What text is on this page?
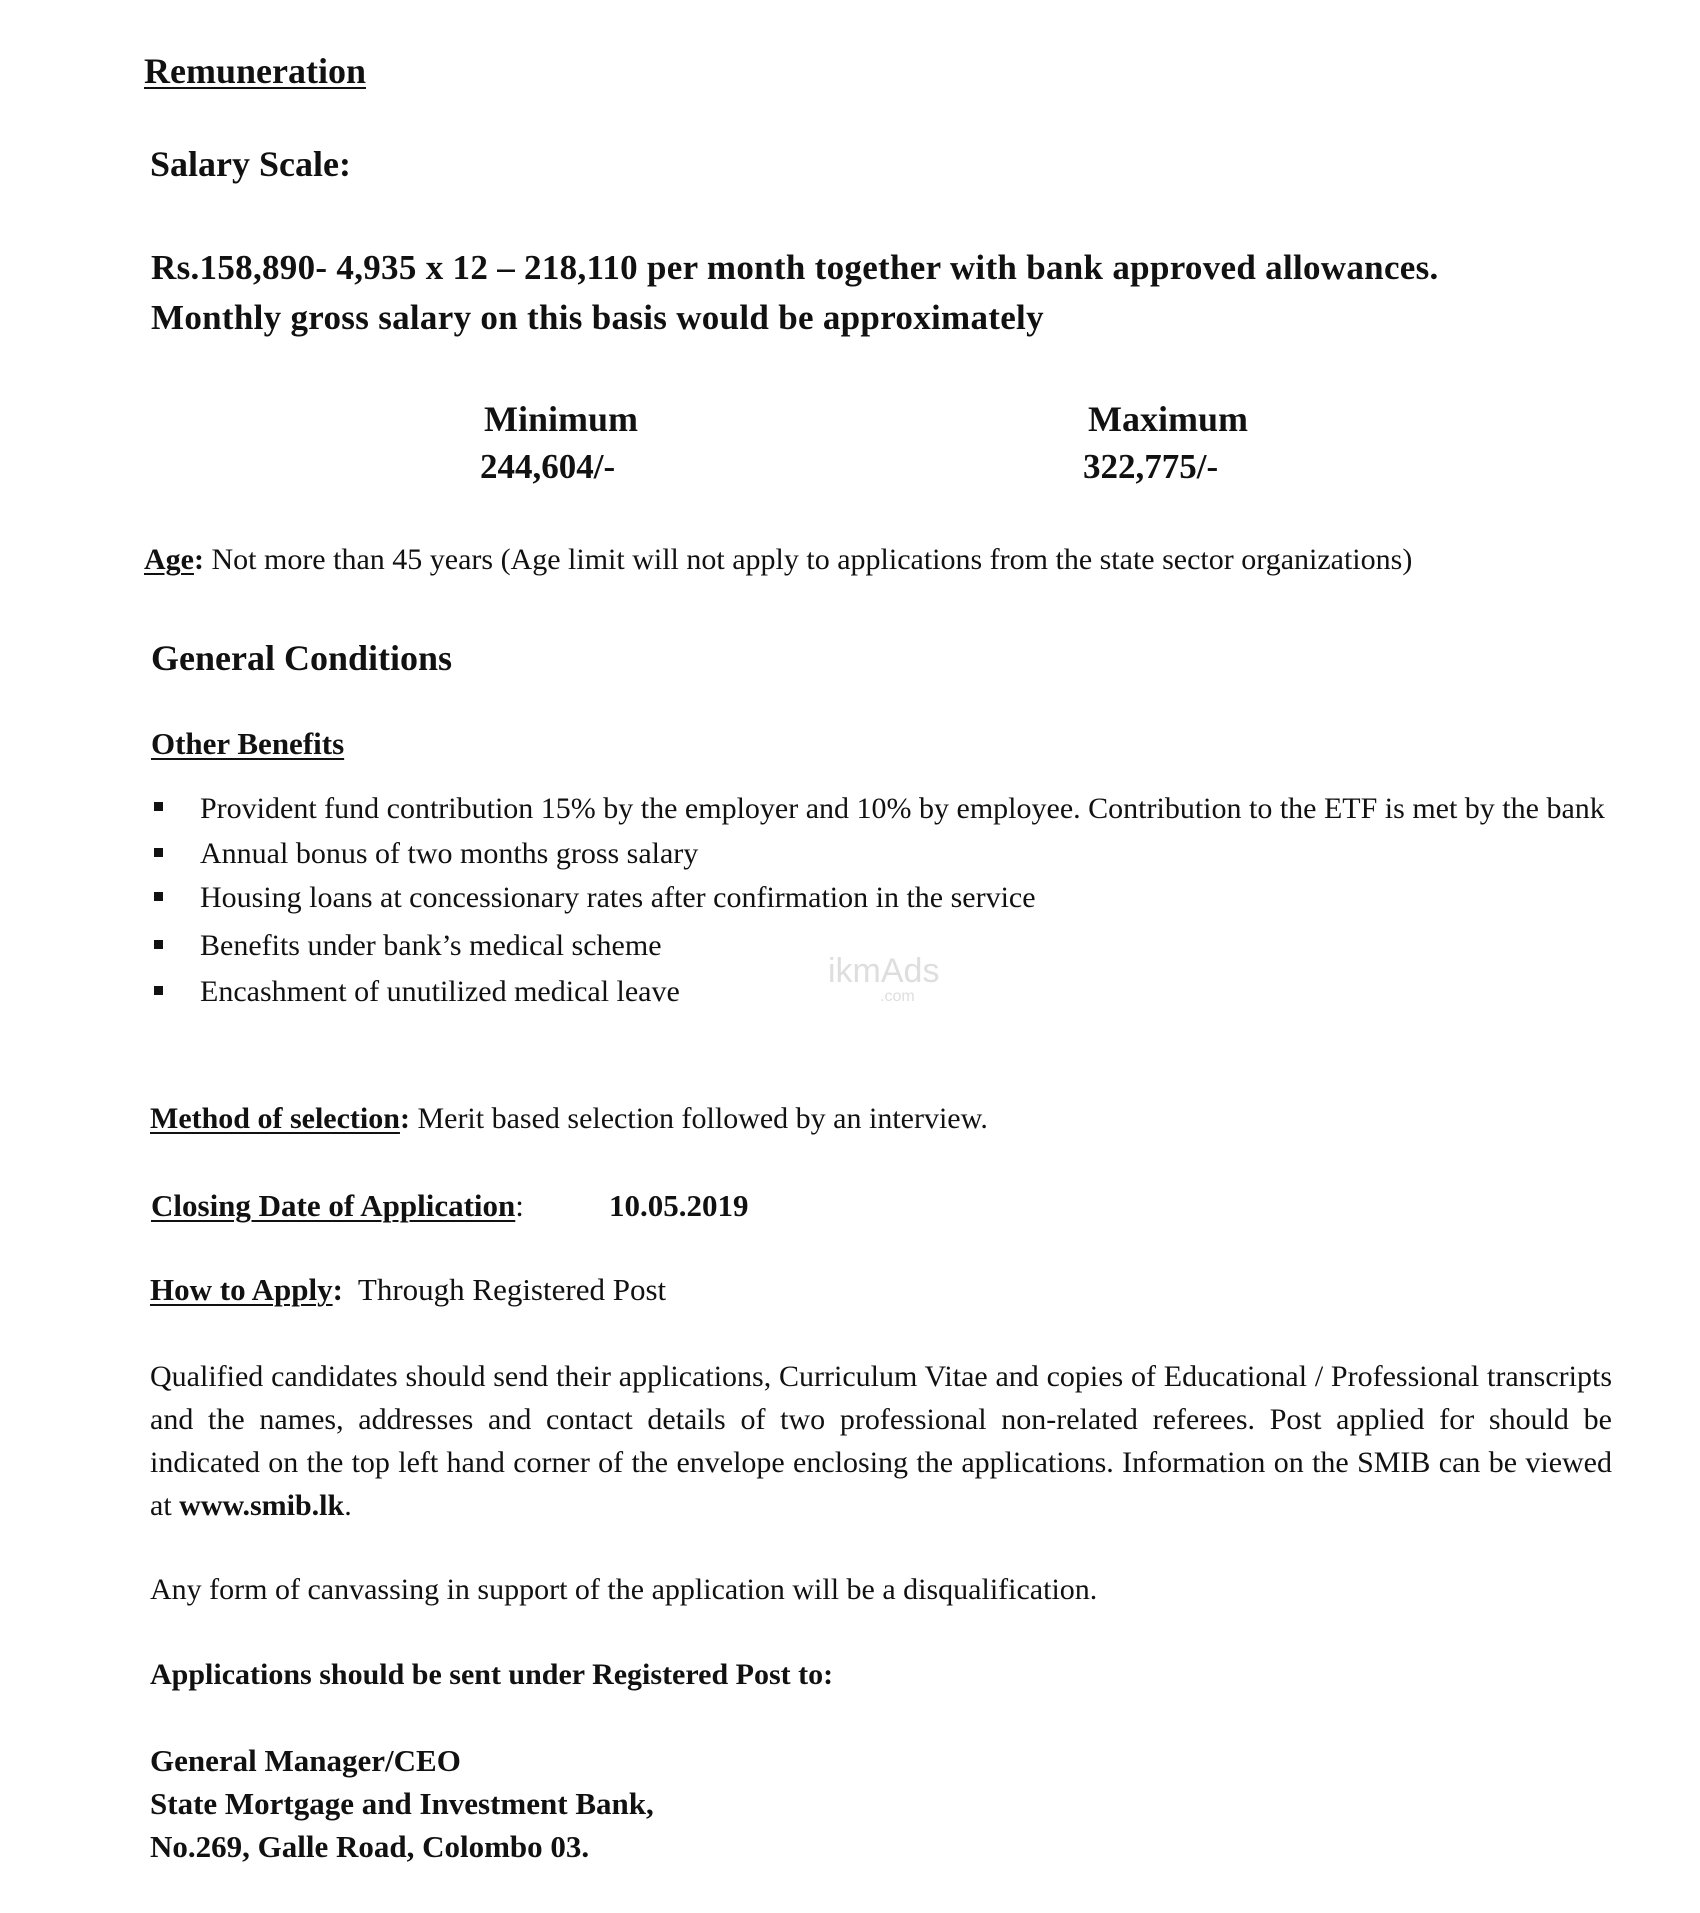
Remuneration
Salary Scale:
Rs.158,890- 4,935 x 12 – 218,110 per month together with bank approved allowances.
Monthly gross salary on this basis would be approximately
Minimum	Maximum
244,604/-	322,775/-
Age: Not more than 45 years (Age limit will not apply to applications from the state sector organizations)
General Conditions
Other Benefits
Provident fund contribution 15% by the employer and 10% by employee. Contribution to the ETF is met by the bank
Annual bonus of two months gross salary
Housing loans at concessionary rates after confirmation in the service
Benefits under bank’s medical scheme
Encashment of unutilized medical leave
Method of selection: Merit based selection followed by an interview.
Closing Date of Application:	10.05.2019
How to Apply:  Through Registered Post
Qualified candidates should send their applications, Curriculum Vitae and copies of Educational / Professional transcripts and the names, addresses and contact details of two professional non-related referees. Post applied for should be indicated on the top left hand corner of the envelope enclosing the applications. Information on the SMIB can be viewed at www.smib.lk.
Any form of canvassing in support of the application will be a disqualification.
Applications should be sent under Registered Post to:
General Manager/CEO
State Mortgage and Investment Bank,
No.269, Galle Road, Colombo 03.
ikmAds
.com
